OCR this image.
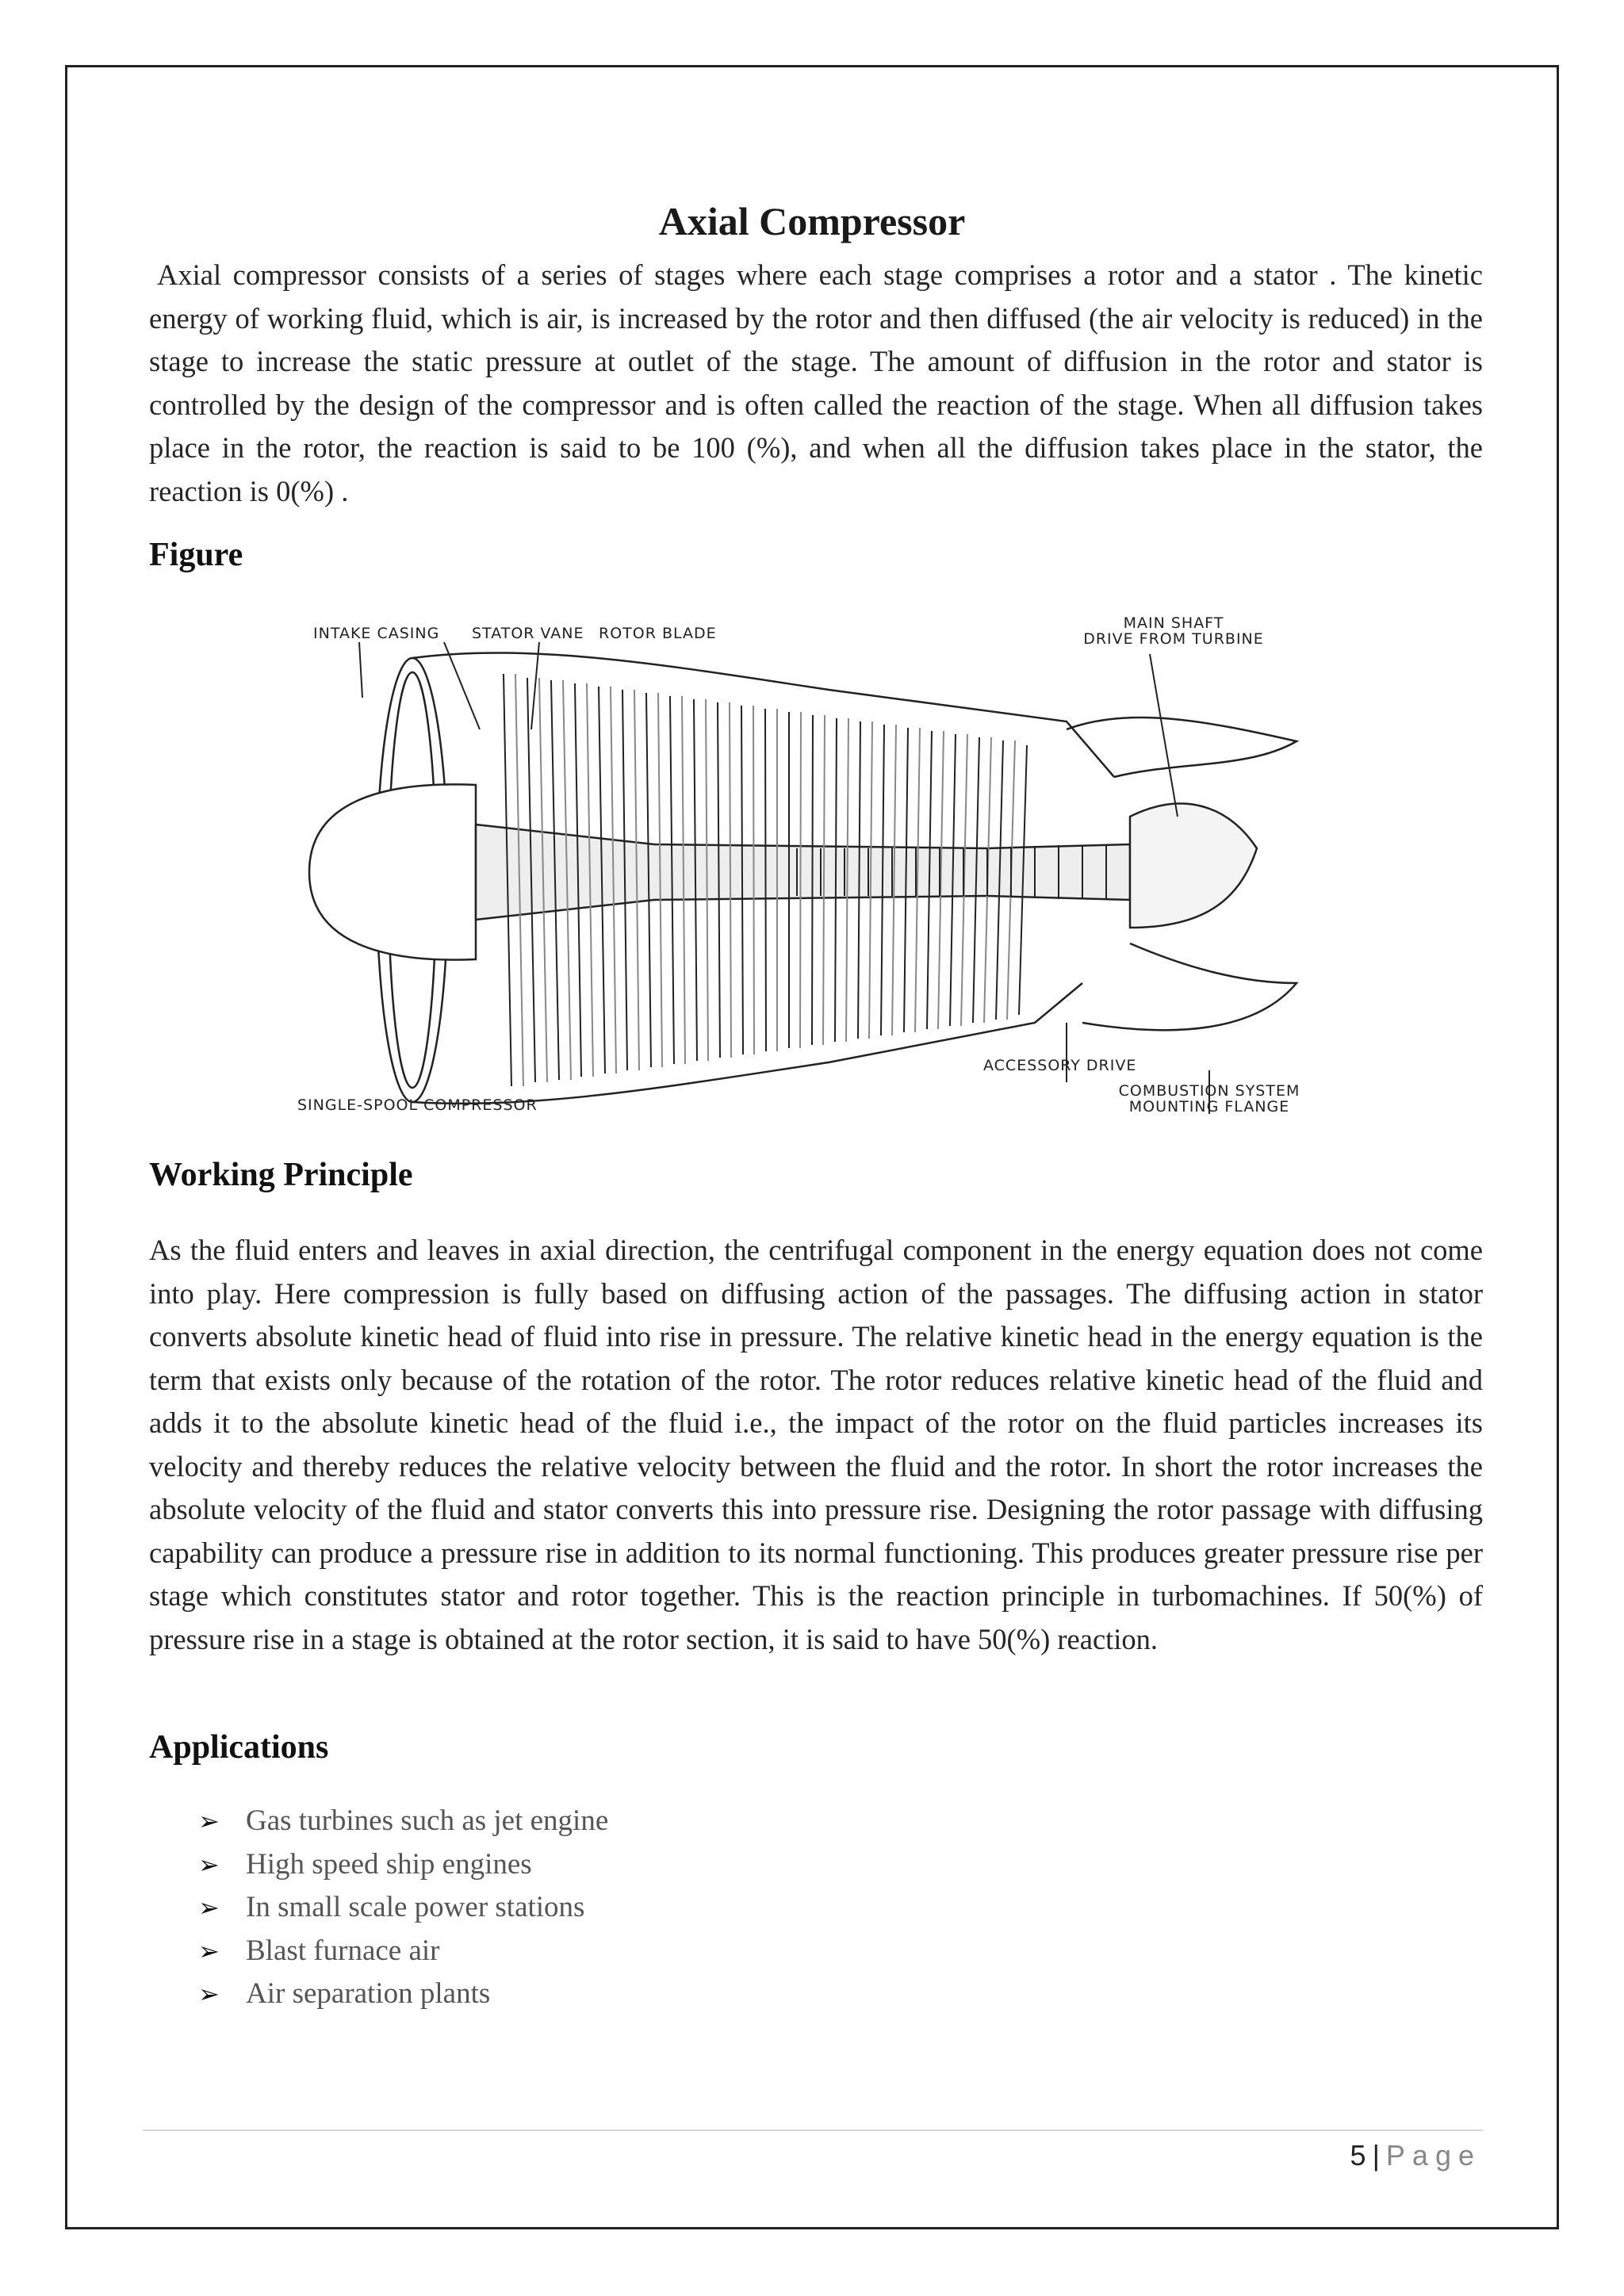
Axial Compressor

Axial compressor consists of a series of stages where each stage comprises a rotor and a stator . The kinetic energy of working fluid, which is air, is increased by the rotor and then diffused (the air velocity is reduced) in the stage to increase the static pressure at outlet of the stage. The amount of diffusion in the rotor and stator is controlled by the design of the compressor and is often called the reaction of the stage. When all diffusion takes place in the rotor, the reaction is said to be 100 (%), and when all the diffusion takes place in the stator, the reaction is 0(%) .

Figure
INTAKE CASING STATOR VANE ROTOR BLADE
MAIN SHAFT
DRIVE FROM TURBINE
ACCESSORY DRIVE
SINGLE-SPOOL COMPRESSOR
COMBUSTION SYSTEM
MOUNTING FLANGE
Working Principle

As the fluid enters and leaves in axial direction, the centrifugal component in the energy equation does not come into play. Here compression is fully based on diffusing action of the passages. The diffusing action in stator converts absolute kinetic head of fluid into rise in pressure. The relative kinetic head in the energy equation is the term that exists only because of the rotation of the rotor. The rotor reduces relative kinetic head of the fluid and adds it to the absolute kinetic head of the fluid i.e., the impact of the rotor on the fluid particles increases its velocity and thereby reduces the relative velocity between the fluid and the rotor. In short the rotor increases the absolute velocity of the fluid and stator converts this into pressure rise. Designing the rotor passage with diffusing capability can produce a pressure rise in addition to its normal functioning. This produces greater pressure rise per stage which constitutes stator and rotor together. This is the reaction principle in turbomachines. If 50(%) of pressure rise in a stage is obtained at the rotor section, it is said to have 50(%) reaction.

Applications
➢ Gas turbines such as jet engine
➢ High speed ship engines
➢ In small scale power stations
➢ Blast furnace air
➢ Air separation plants
5 | Page
